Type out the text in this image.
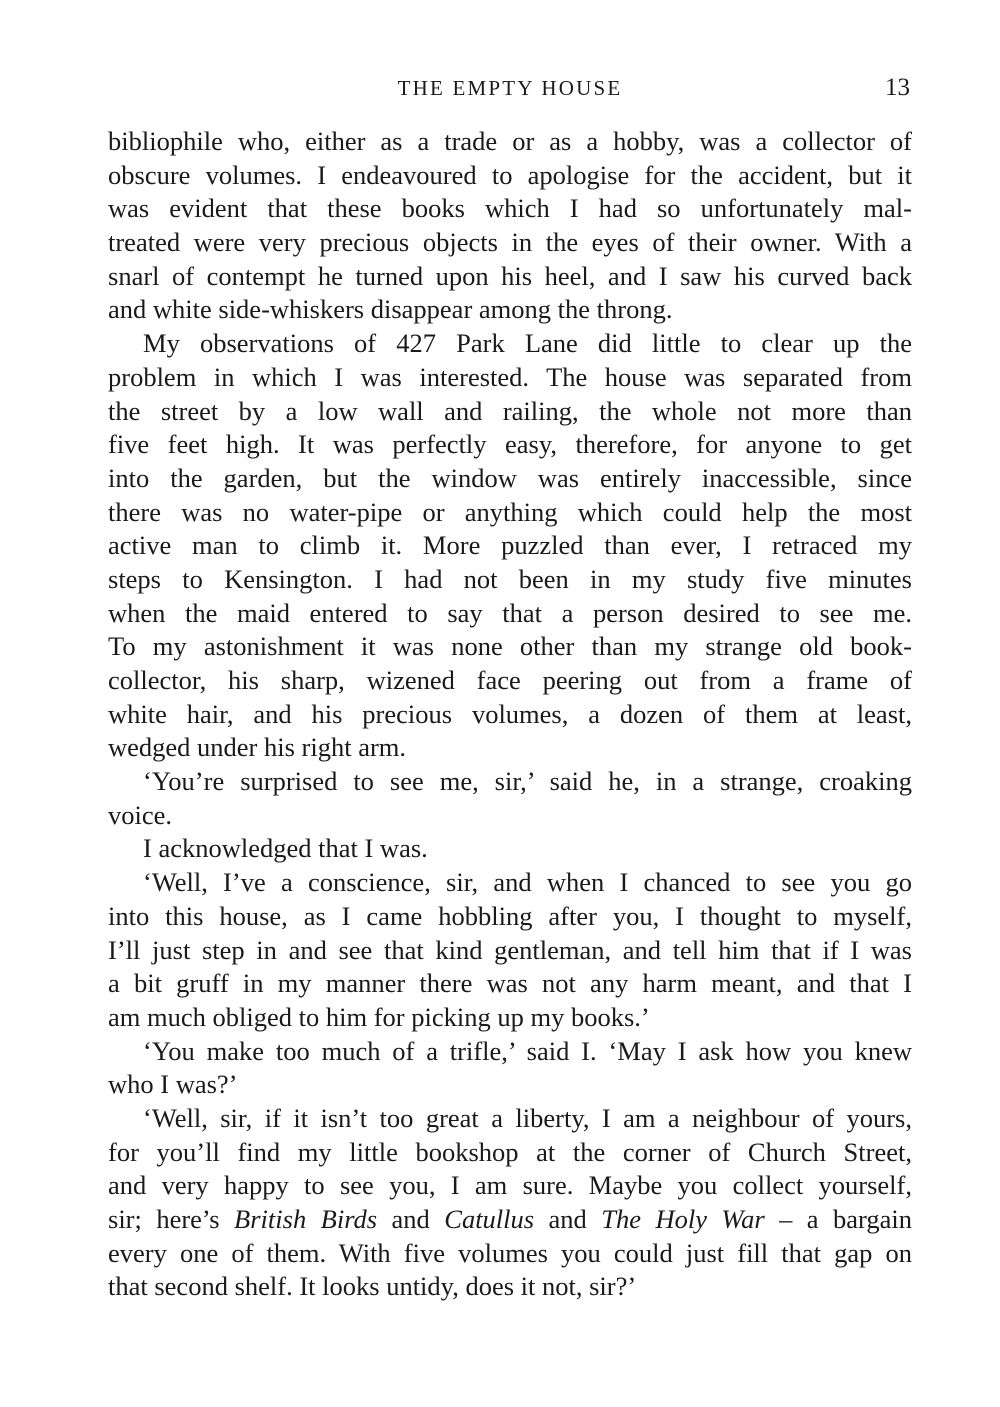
THE EMPTY HOUSE	13
bibliophile who, either as a trade or as a hobby, was a collector of
obscure volumes. I endeavoured to apologise for the accident, but it
was evident that these books which I had so unfortunately mal-
treated were very precious objects in the eyes of their owner. With a
snarl of contempt he turned upon his heel, and I saw his curved back
and white side-whiskers disappear among the throng.
My observations of 427 Park Lane did little to clear up the
problem in which I was interested. The house was separated from
the street by a low wall and railing, the whole not more than
five feet high. It was perfectly easy, therefore, for anyone to get
into the garden, but the window was entirely inaccessible, since
there was no water-pipe or anything which could help the most
active man to climb it. More puzzled than ever, I retraced my
steps to Kensington. I had not been in my study five minutes
when the maid entered to say that a person desired to see me.
To my astonishment it was none other than my strange old book-
collector, his sharp, wizened face peering out from a frame of
white hair, and his precious volumes, a dozen of them at least,
wedged under his right arm.
‘You’re surprised to see me, sir,’ said he, in a strange, croaking
voice.
I acknowledged that I was.
‘Well, I’ve a conscience, sir, and when I chanced to see you go
into this house, as I came hobbling after you, I thought to myself,
I’ll just step in and see that kind gentleman, and tell him that if I was
a bit gruff in my manner there was not any harm meant, and that I
am much obliged to him for picking up my books.’
‘You make too much of a trifle,’ said I. ‘May I ask how you knew
who I was?’
‘Well, sir, if it isn’t too great a liberty, I am a neighbour of yours,
for you’ll find my little bookshop at the corner of Church Street,
and very happy to see you, I am sure. Maybe you collect yourself,
sir; here’s British Birds and Catullus and The Holy War – a bargain
every one of them. With five volumes you could just fill that gap on
that second shelf. It looks untidy, does it not, sir?’
